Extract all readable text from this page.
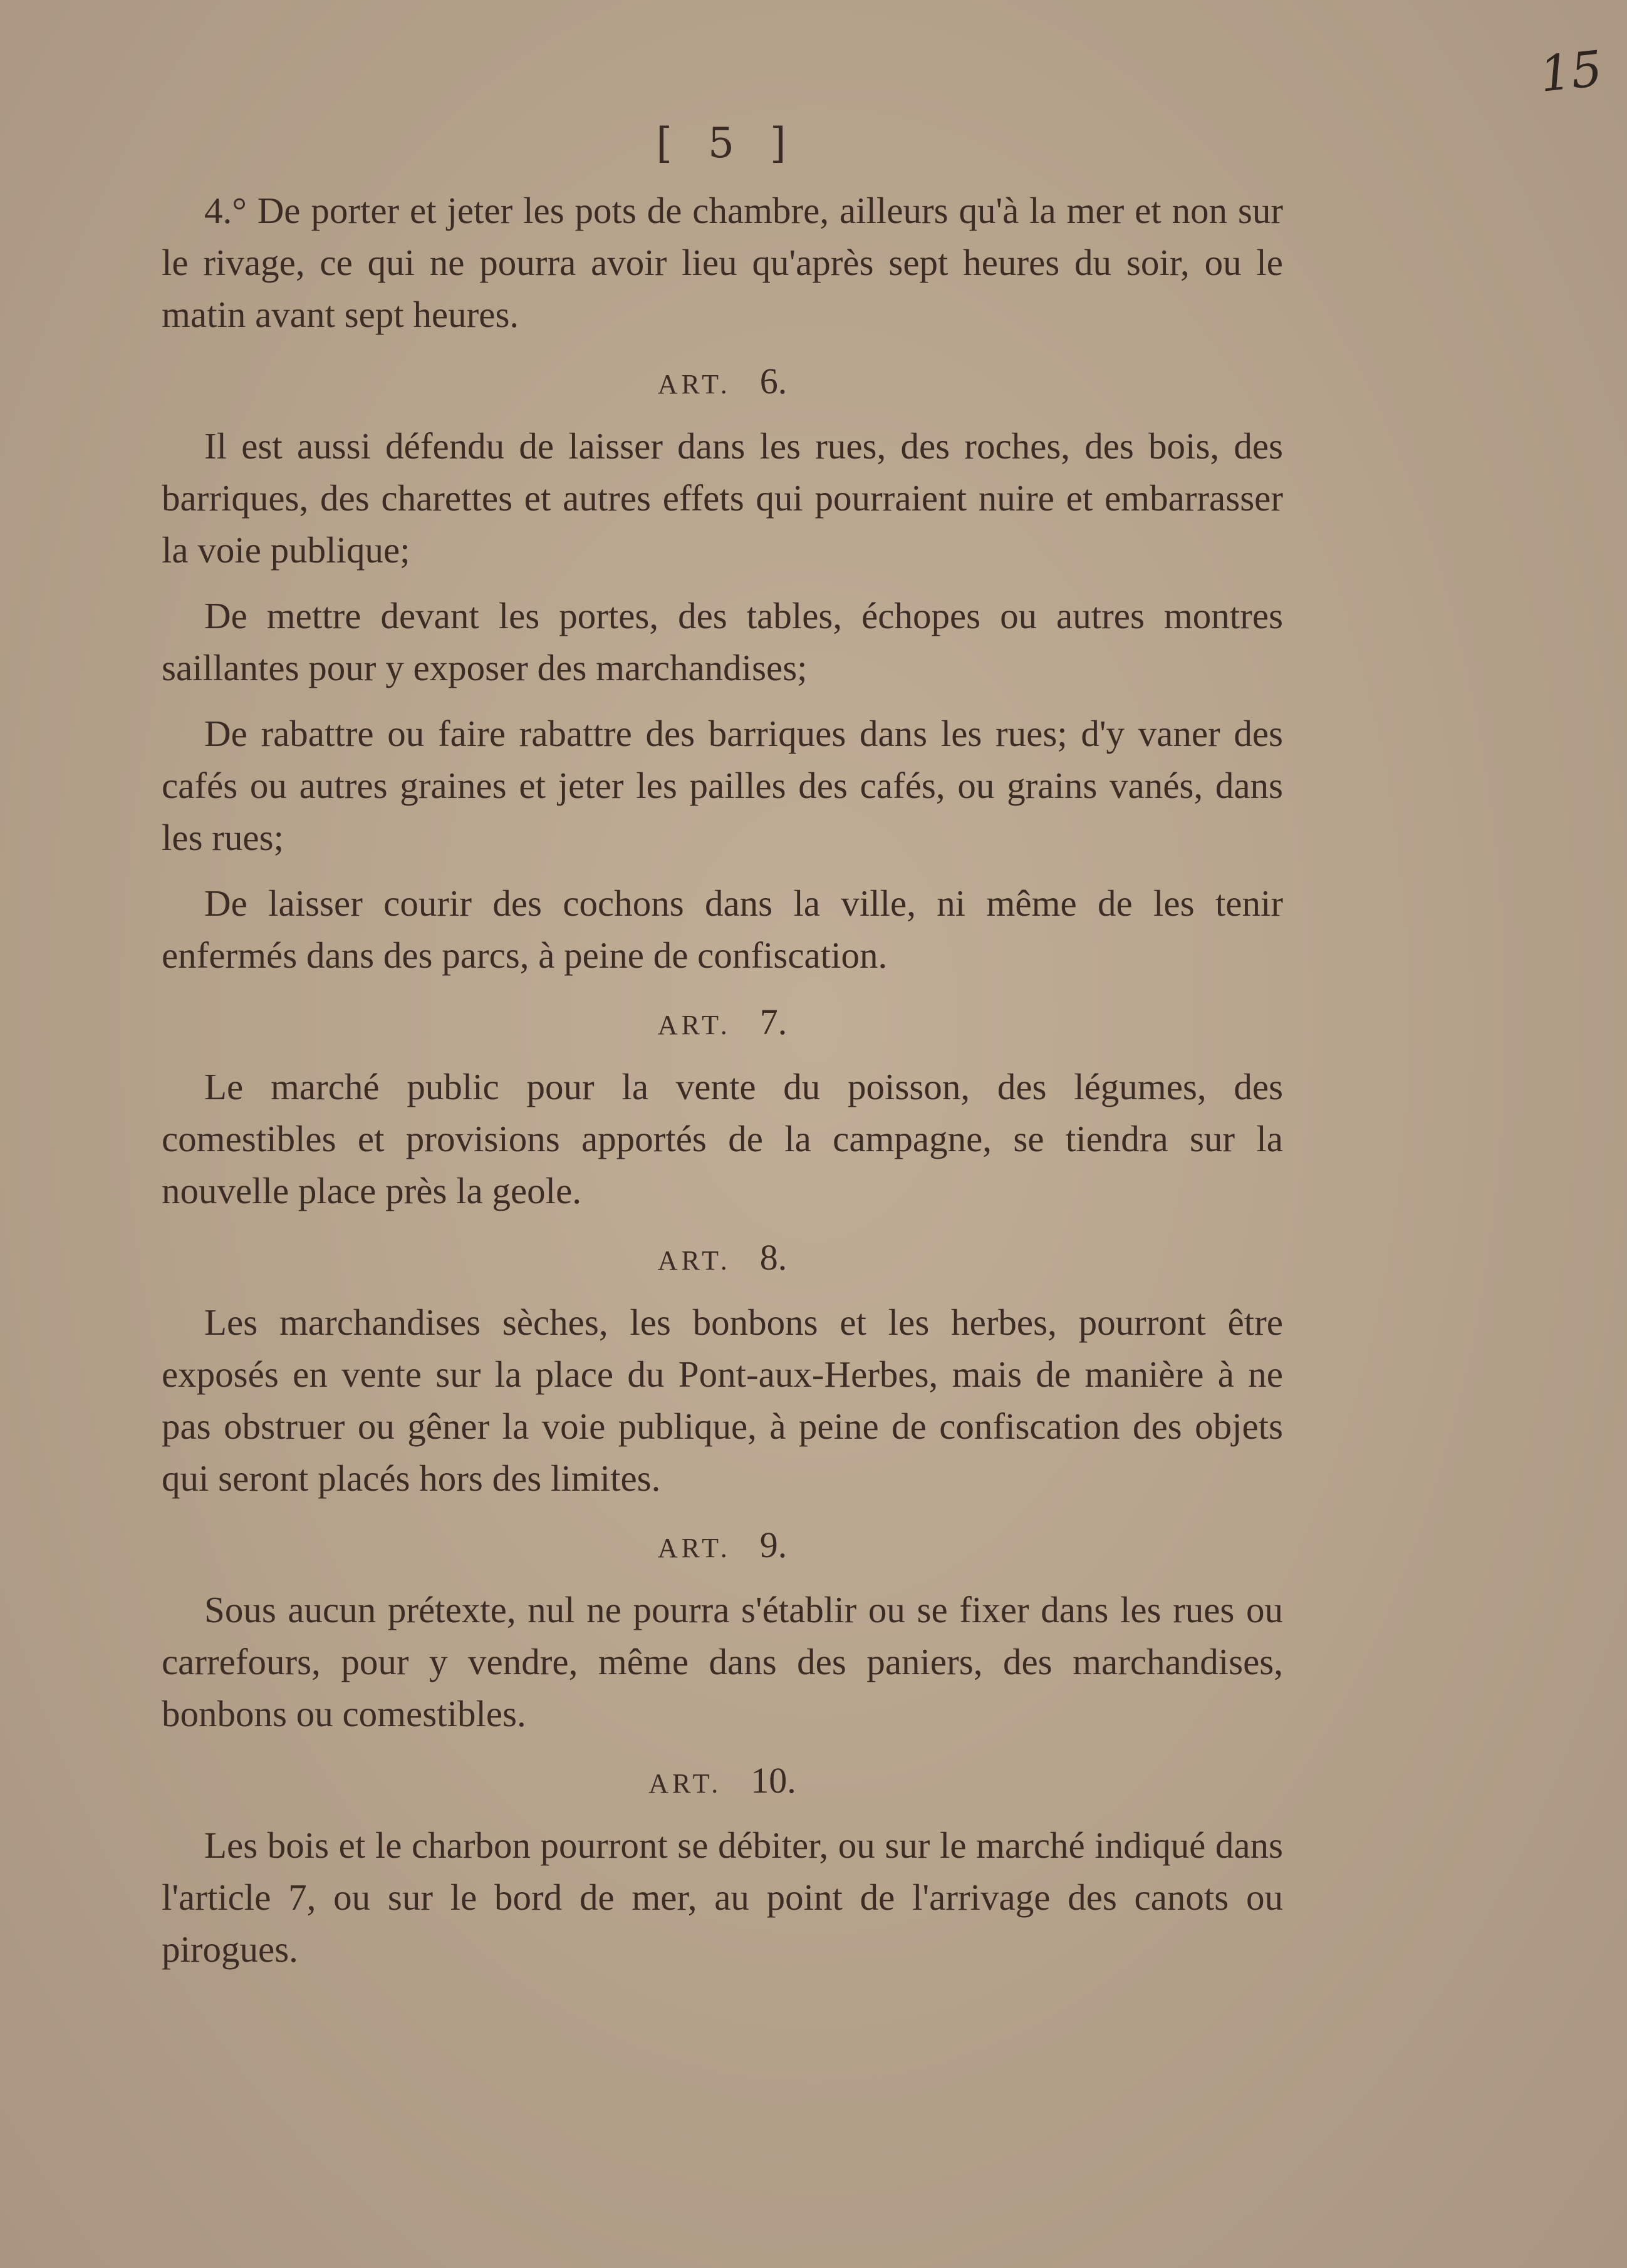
15
[ 5 ]

4.° De porter et jeter les pots de chambre, ailleurs qu'à la mer et non sur le rivage, ce qui ne pourra avoir lieu qu'après sept heures du soir, ou le matin avant sept heures.

ART. 6.

Il est aussi défendu de laisser dans les rues, des roches, des bois, des barriques, des charettes et autres effets qui pourraient nuire et embarrasser la voie publique;

De mettre devant les portes, des tables, échopes ou autres montres saillantes pour y exposer des marchandises;

De rabattre ou faire rabattre des barriques dans les rues; d'y vaner des cafés ou autres graines et jeter les pailles des cafés, ou grains vanés, dans les rues;

De laisser courir des cochons dans la ville, ni même de les tenir enfermés dans des parcs, à peine de confiscation.

ART. 7.

Le marché public pour la vente du poisson, des légumes, des comestibles et provisions apportés de la campagne, se tiendra sur la nouvelle place près la geole.

ART. 8.

Les marchandises sèches, les bonbons et les herbes, pourront être exposés en vente sur la place du Pont-aux-Herbes, mais de manière à ne pas obstruer ou gêner la voie publique, à peine de confiscation des objets qui seront placés hors des limites.

ART. 9.

Sous aucun prétexte, nul ne pourra s'établir ou se fixer dans les rues ou carrefours, pour y vendre, même dans des paniers, des marchandises, bonbons ou comestibles.

ART. 10.

Les bois et le charbon pourront se débiter, ou sur le marché indiqué dans l'article 7, ou sur le bord de mer, au point de l'arrivage des canots ou pirogues.
